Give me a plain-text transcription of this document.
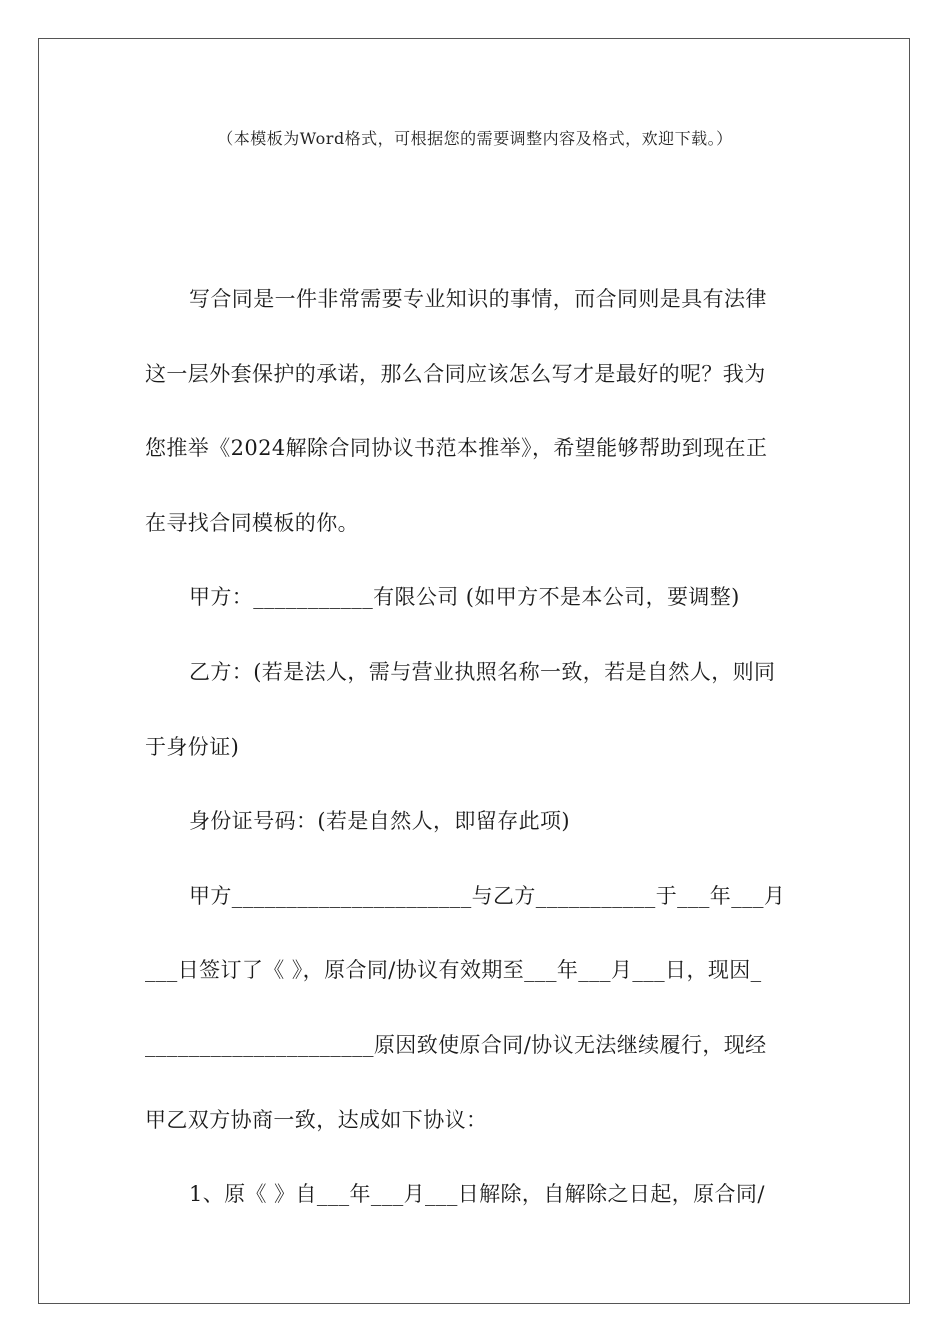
（本模板为Word格式，可根据您的需要调整内容及格式，欢迎下载。）
写合同是一件非常需要专业知识的事情，而合同则是具有法律
这一层外套保护的承诺，那么合同应该怎么写才是最好的呢？我为
您推举《2024解除合同协议书范本推举》，希望能够帮助到现在正
在寻找合同模板的你。
甲方：___________有限公司 (如甲方不是本公司，要调整)
乙方：(若是法人，需与营业执照名称一致，若是自然人，则同
于身份证)
身份证号码：(若是自然人，即留存此项)
甲方______________________与乙方___________于___年___月
___日签订了《 》，原合同/协议有效期至___年___月___日，现因_
_____________________原因致使原合同/协议无法继续履行，现经
甲乙双方协商一致，达成如下协议：
1、原《 》自___年___月___日解除，自解除之日起，原合同/
